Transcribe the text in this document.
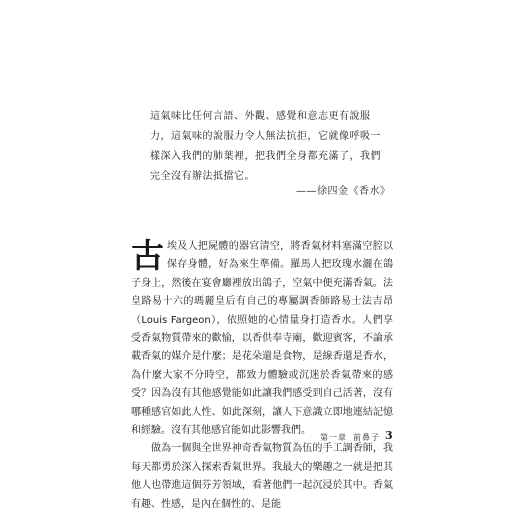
這氣味比任何言語、外觀、感覺和意志更有說服力，這氣味的說服力令人無法抗拒，它就像呼吸一樣深入我們的肺葉裡，把我們全身都充滿了，我們完全沒有辦法抵擋它。

——徐四金《香水》

古埃及人把屍體的器官清空，將香氣材料塞滿空腔以保存身體，好為來生準備。羅馬人把玫瑰水灑在鴿子身上，然後在宴會廳裡放出鴿子，空氣中便充滿香氣。法皇路易十六的瑪麗皇后有自己的專屬調香師路易士法吉昂（Louis Fargeon），依照她的心情量身打造香水。人們享受香氣物質帶來的歡愉，以香供奉寺廟，歡迎賓客，不論承載香氣的媒介是什麼；是花朵還是食物，是線香還是香水，為什麼大家不分時空，都致力體驗或沉迷於香氣帶來的感受？因為沒有其他感覺能如此讓我們感受到自己活著，沒有哪種感官如此人性、如此深刻，讓人下意識立即地連結記憶和經驗。沒有其他感官能如此影響我們。

做為一個與全世界神奇香氣物質為伍的手工調香師，我每天都勇於深入探索香氣世界。我最大的樂趣之一就是把其他人也帶進這個芬芳領域，看著他們一起沉浸於其中。香氣有趣、性感，是內在個性的、是能

第一章 前鼻子 3
